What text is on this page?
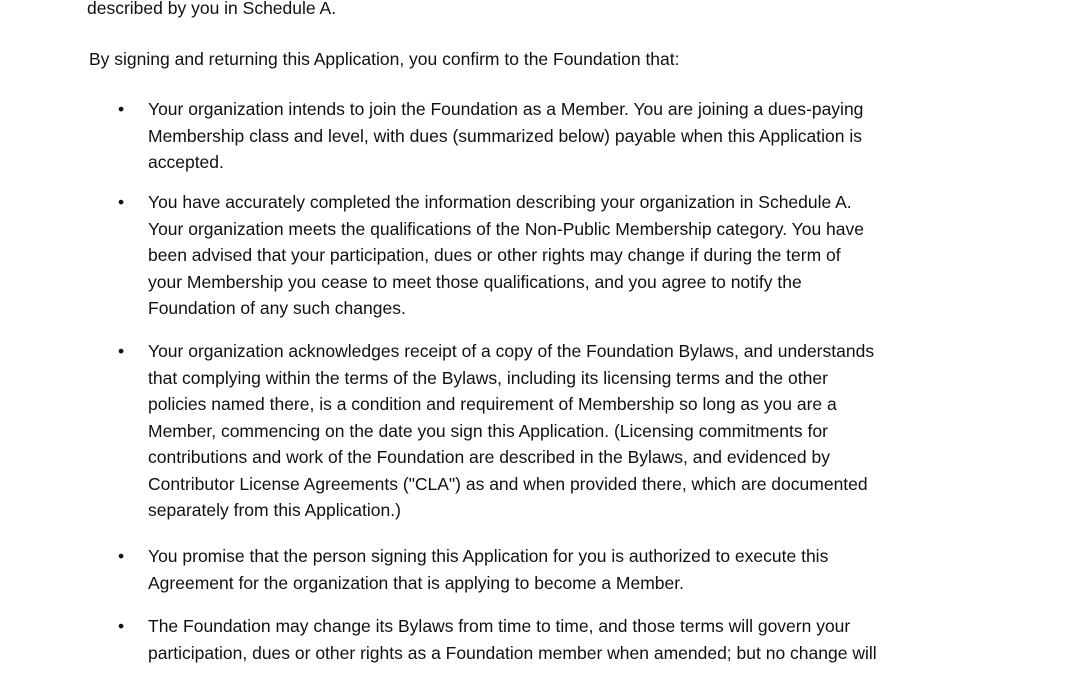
described by you in Schedule A.
By signing and returning this Application, you confirm to the Foundation that:
• Your organization intends to join the Foundation as a Member. You are joining a dues-paying
Membership class and level, with dues (summarized below) payable when this Application is
accepted.
• You have accurately completed the information describing your organization in Schedule A.
Your organization meets the qualifications of the Non-Public Membership category. You have
been advised that your participation, dues or other rights may change if during the term of
your Membership you cease to meet those qualifications, and you agree to notify the
Foundation of any such changes.
• Your organization acknowledges receipt of a copy of the Foundation Bylaws, and understands
that complying within the terms of the Bylaws, including its licensing terms and the other
policies named there, is a condition and requirement of Membership so long as you are a
Member, commencing on the date you sign this Application. (Licensing commitments for
contributions and work of the Foundation are described in the Bylaws, and evidenced by
Contributor License Agreements ("CLA") as and when provided there, which are documented
separately from this Application.)
• You promise that the person signing this Application for you is authorized to execute this
Agreement for the organization that is applying to become a Member.
• The Foundation may change its Bylaws from time to time, and those terms will govern your
participation, dues or other rights as a Foundation member when amended; but no change will
